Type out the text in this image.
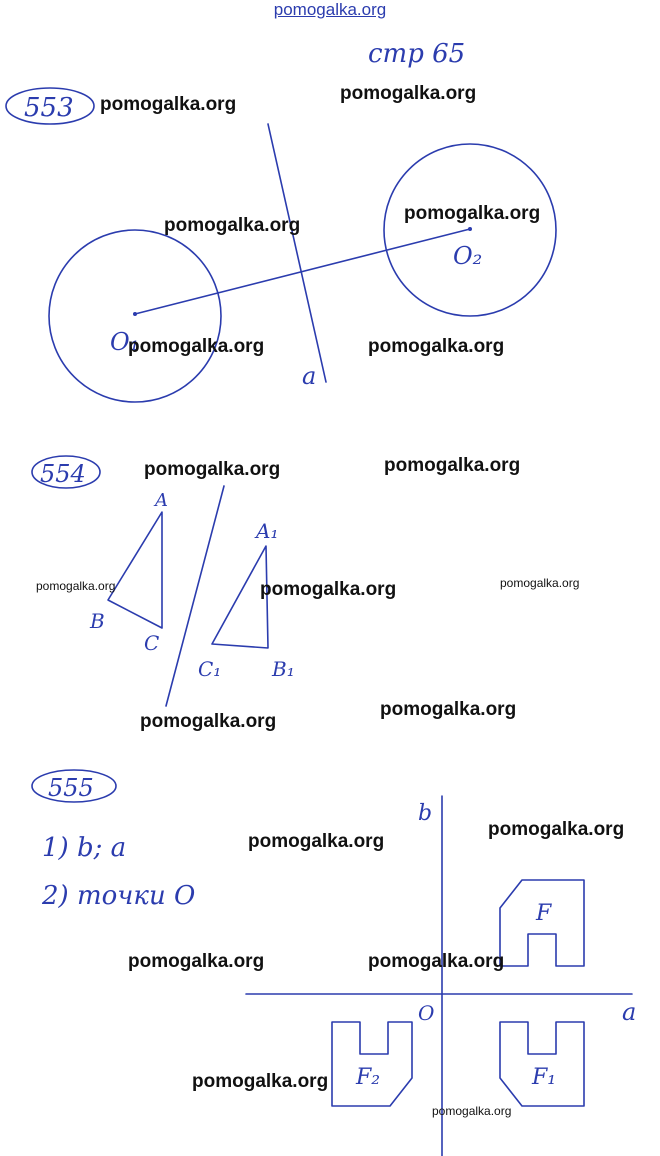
pomogalka.org
стр 65
553
O₁
O₂
a
554
A
B
C
A₁
B₁
C₁
555
1) b; a
2) точки O
b
a
O
F
F₁
F₂
pomogalka.org
pomogalka.org
pomogalka.org
pomogalka.org
pomogalka.org	pomogalka.org
pomogalka.org	pomogalka.org
pomogalka.org	pomogalka.org	pomogalka.org
pomogalka.org
pomogalka.org
pomogalka.org
pomogalka.org
pomogalka.org	pomogalka.org
pomogalka.org
pomogalka.org
